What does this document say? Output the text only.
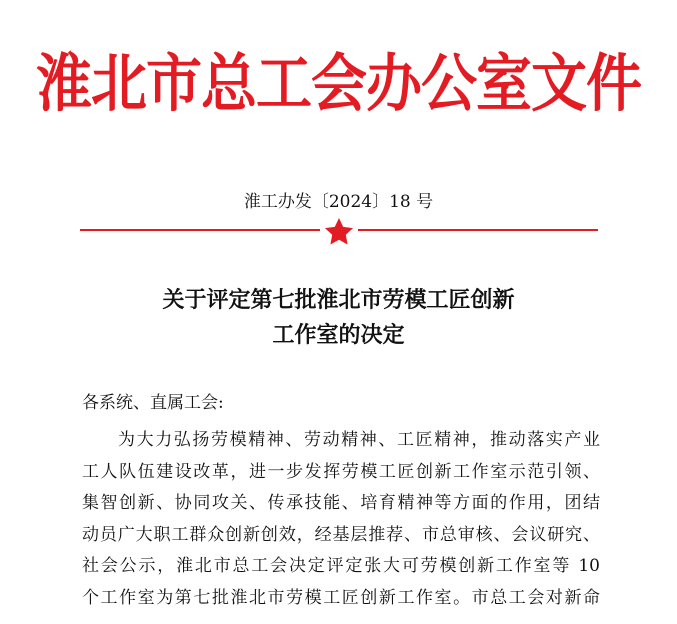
淮北市总工会办公室文件
淮工办发〔2024〕18 号
关于评定第七批淮北市劳模工匠创新
工作室的决定
各系统、直属工会:
为大力弘扬劳模精神、劳动精神、工匠精神，推动落实产业
工人队伍建设改革，进一步发挥劳模工匠创新工作室示范引领、
集智创新、协同攻关、传承技能、培育精神等方面的作用，团结
动员广大职工群众创新创效，经基层推荐、市总审核、会议研究、
社会公示，淮北市总工会决定评定张大可劳模创新工作室等 10
个工作室为第七批淮北市劳模工匠创新工作室。市总工会对新命
